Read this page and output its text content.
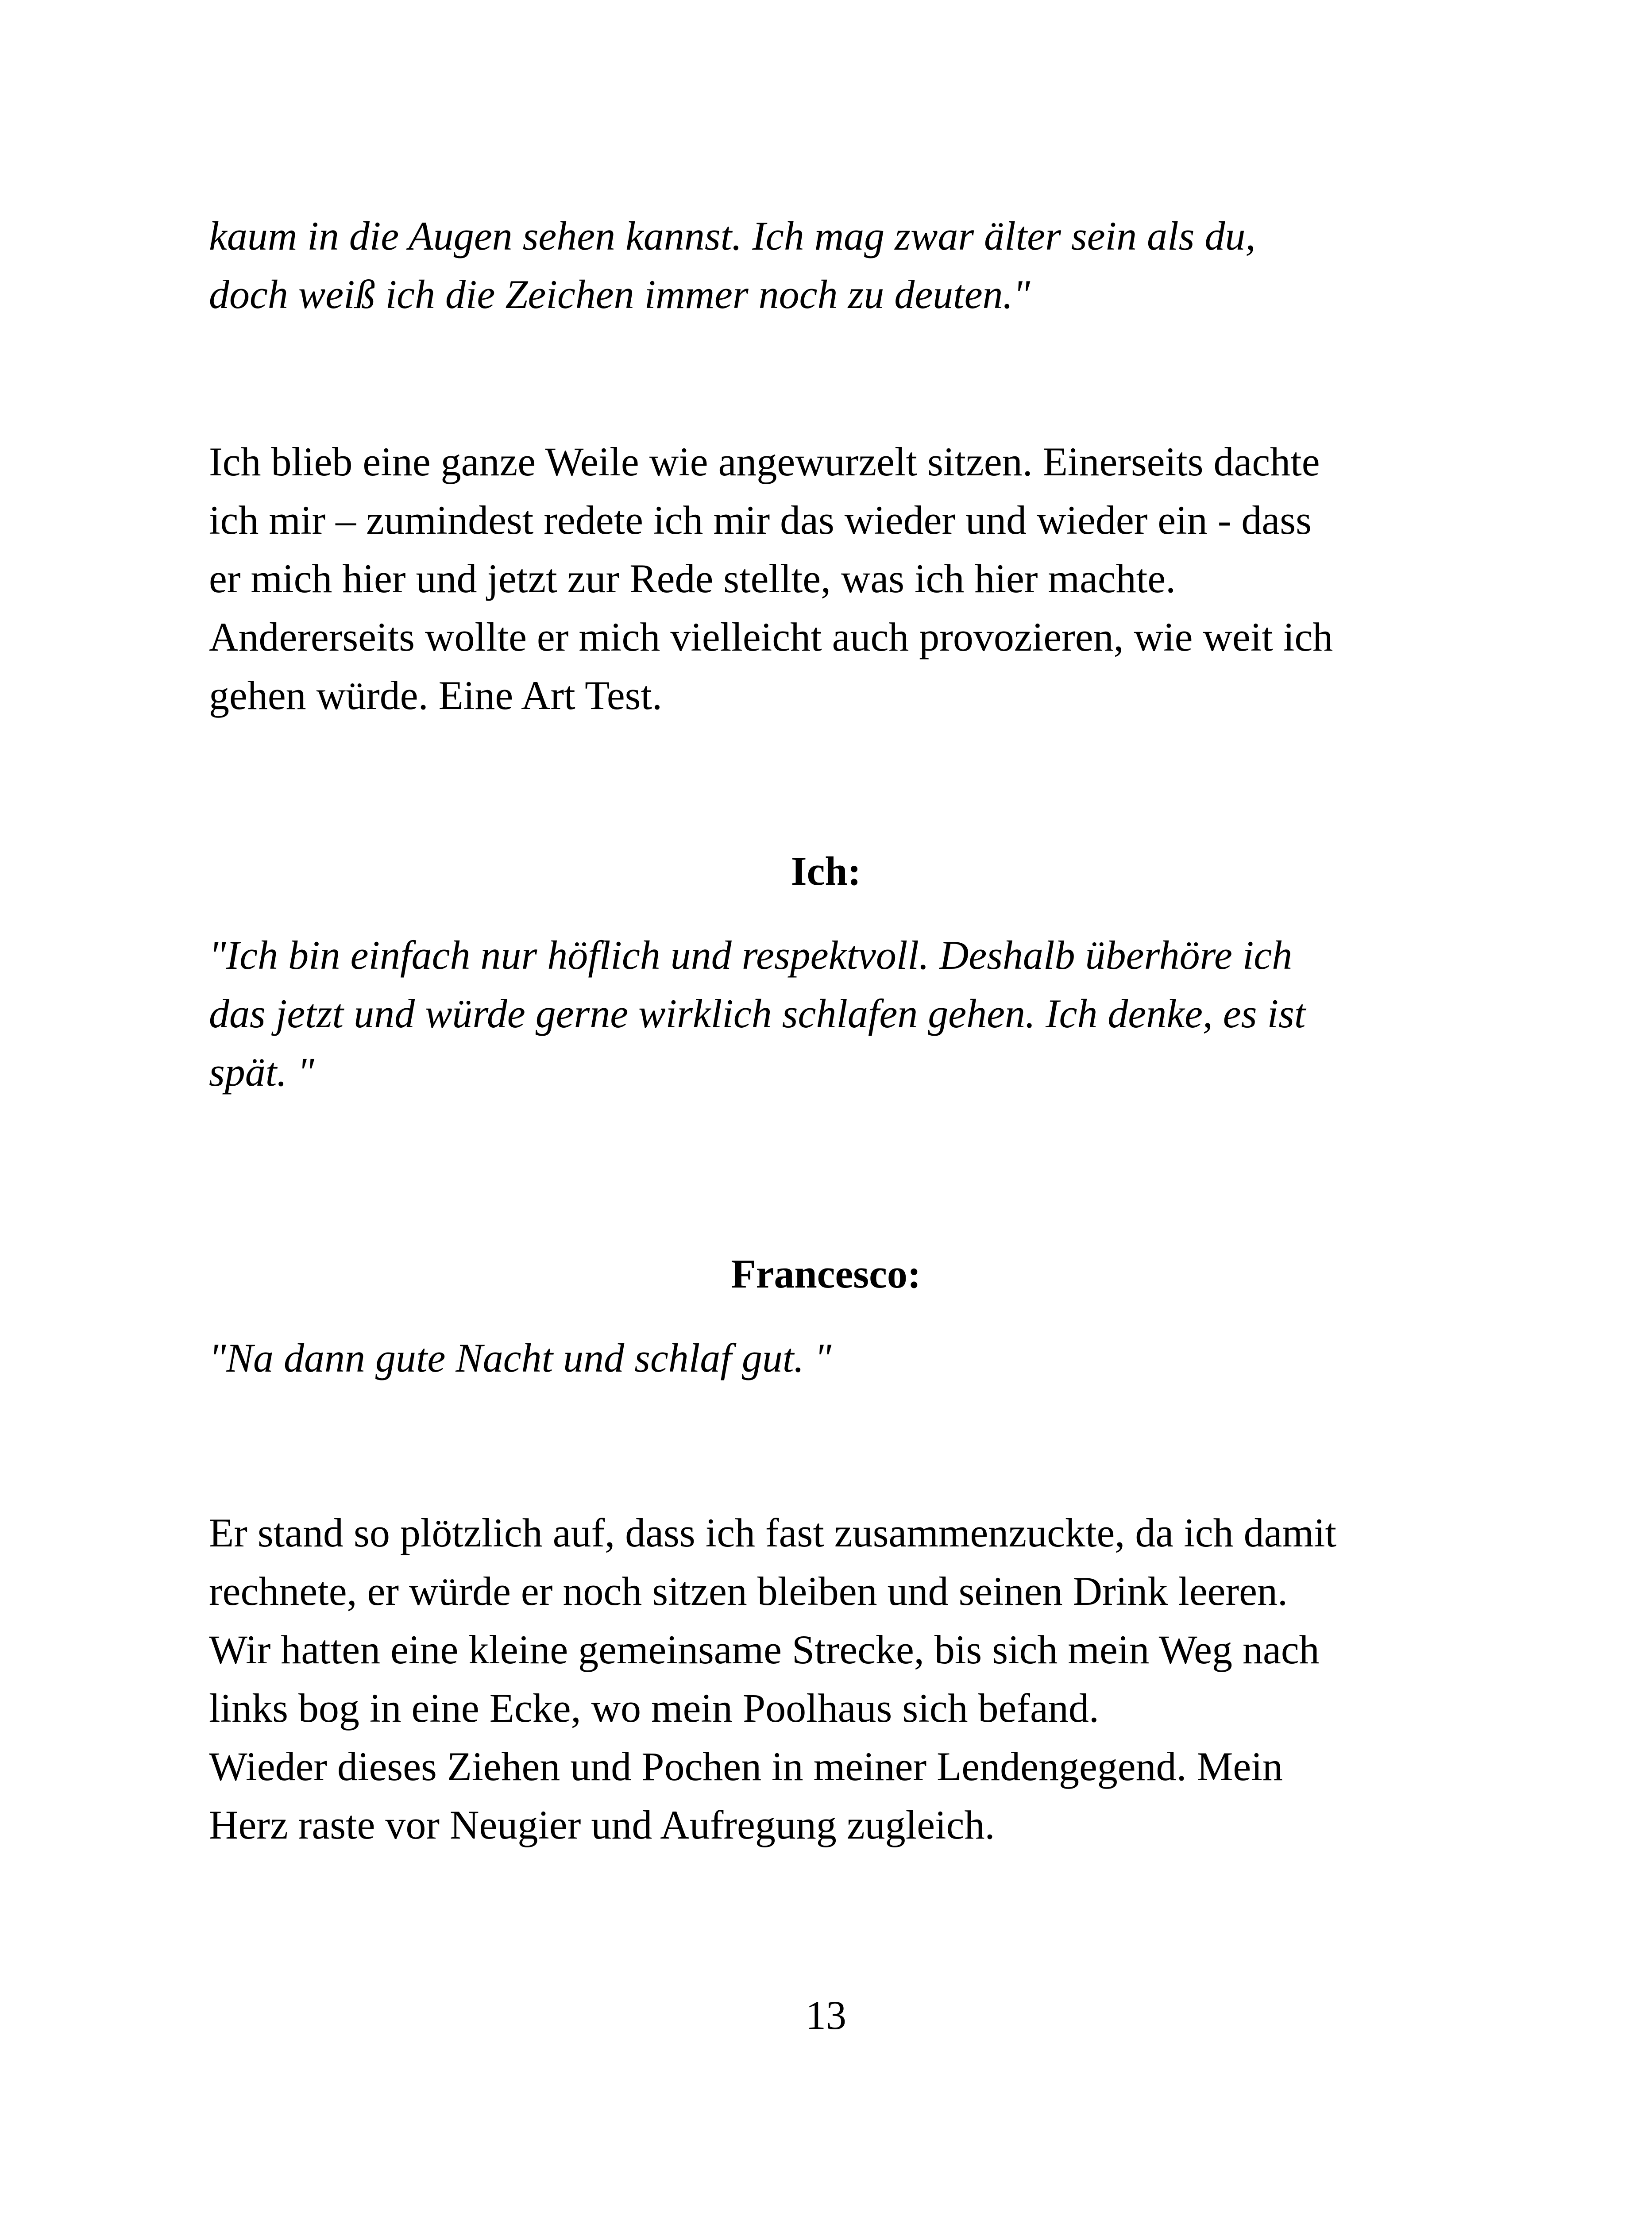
kaum in die Augen sehen kannst. Ich mag zwar älter sein als du,
doch weiß ich die Zeichen immer noch zu deuten."
Ich blieb eine ganze Weile wie angewurzelt sitzen. Einerseits dachte
ich mir – zumindest redete ich mir das wieder und wieder ein - dass
er mich hier und jetzt zur Rede stellte, was ich hier machte.
Andererseits wollte er mich vielleicht auch provozieren, wie weit ich
gehen würde. Eine Art Test.
Ich:
"Ich bin einfach nur höflich und respektvoll. Deshalb überhöre ich
das jetzt und würde gerne wirklich schlafen gehen. Ich denke, es ist
spät. "
Francesco:
"Na dann gute Nacht und schlaf gut. "
Er stand so plötzlich auf, dass ich fast zusammenzuckte, da ich damit
rechnete, er würde er noch sitzen bleiben und seinen Drink leeren.
Wir hatten eine kleine gemeinsame Strecke, bis sich mein Weg nach
links bog in eine Ecke, wo mein Poolhaus sich befand.
Wieder dieses Ziehen und Pochen in meiner Lendengegend. Mein
Herz raste vor Neugier und Aufregung zugleich.
13
